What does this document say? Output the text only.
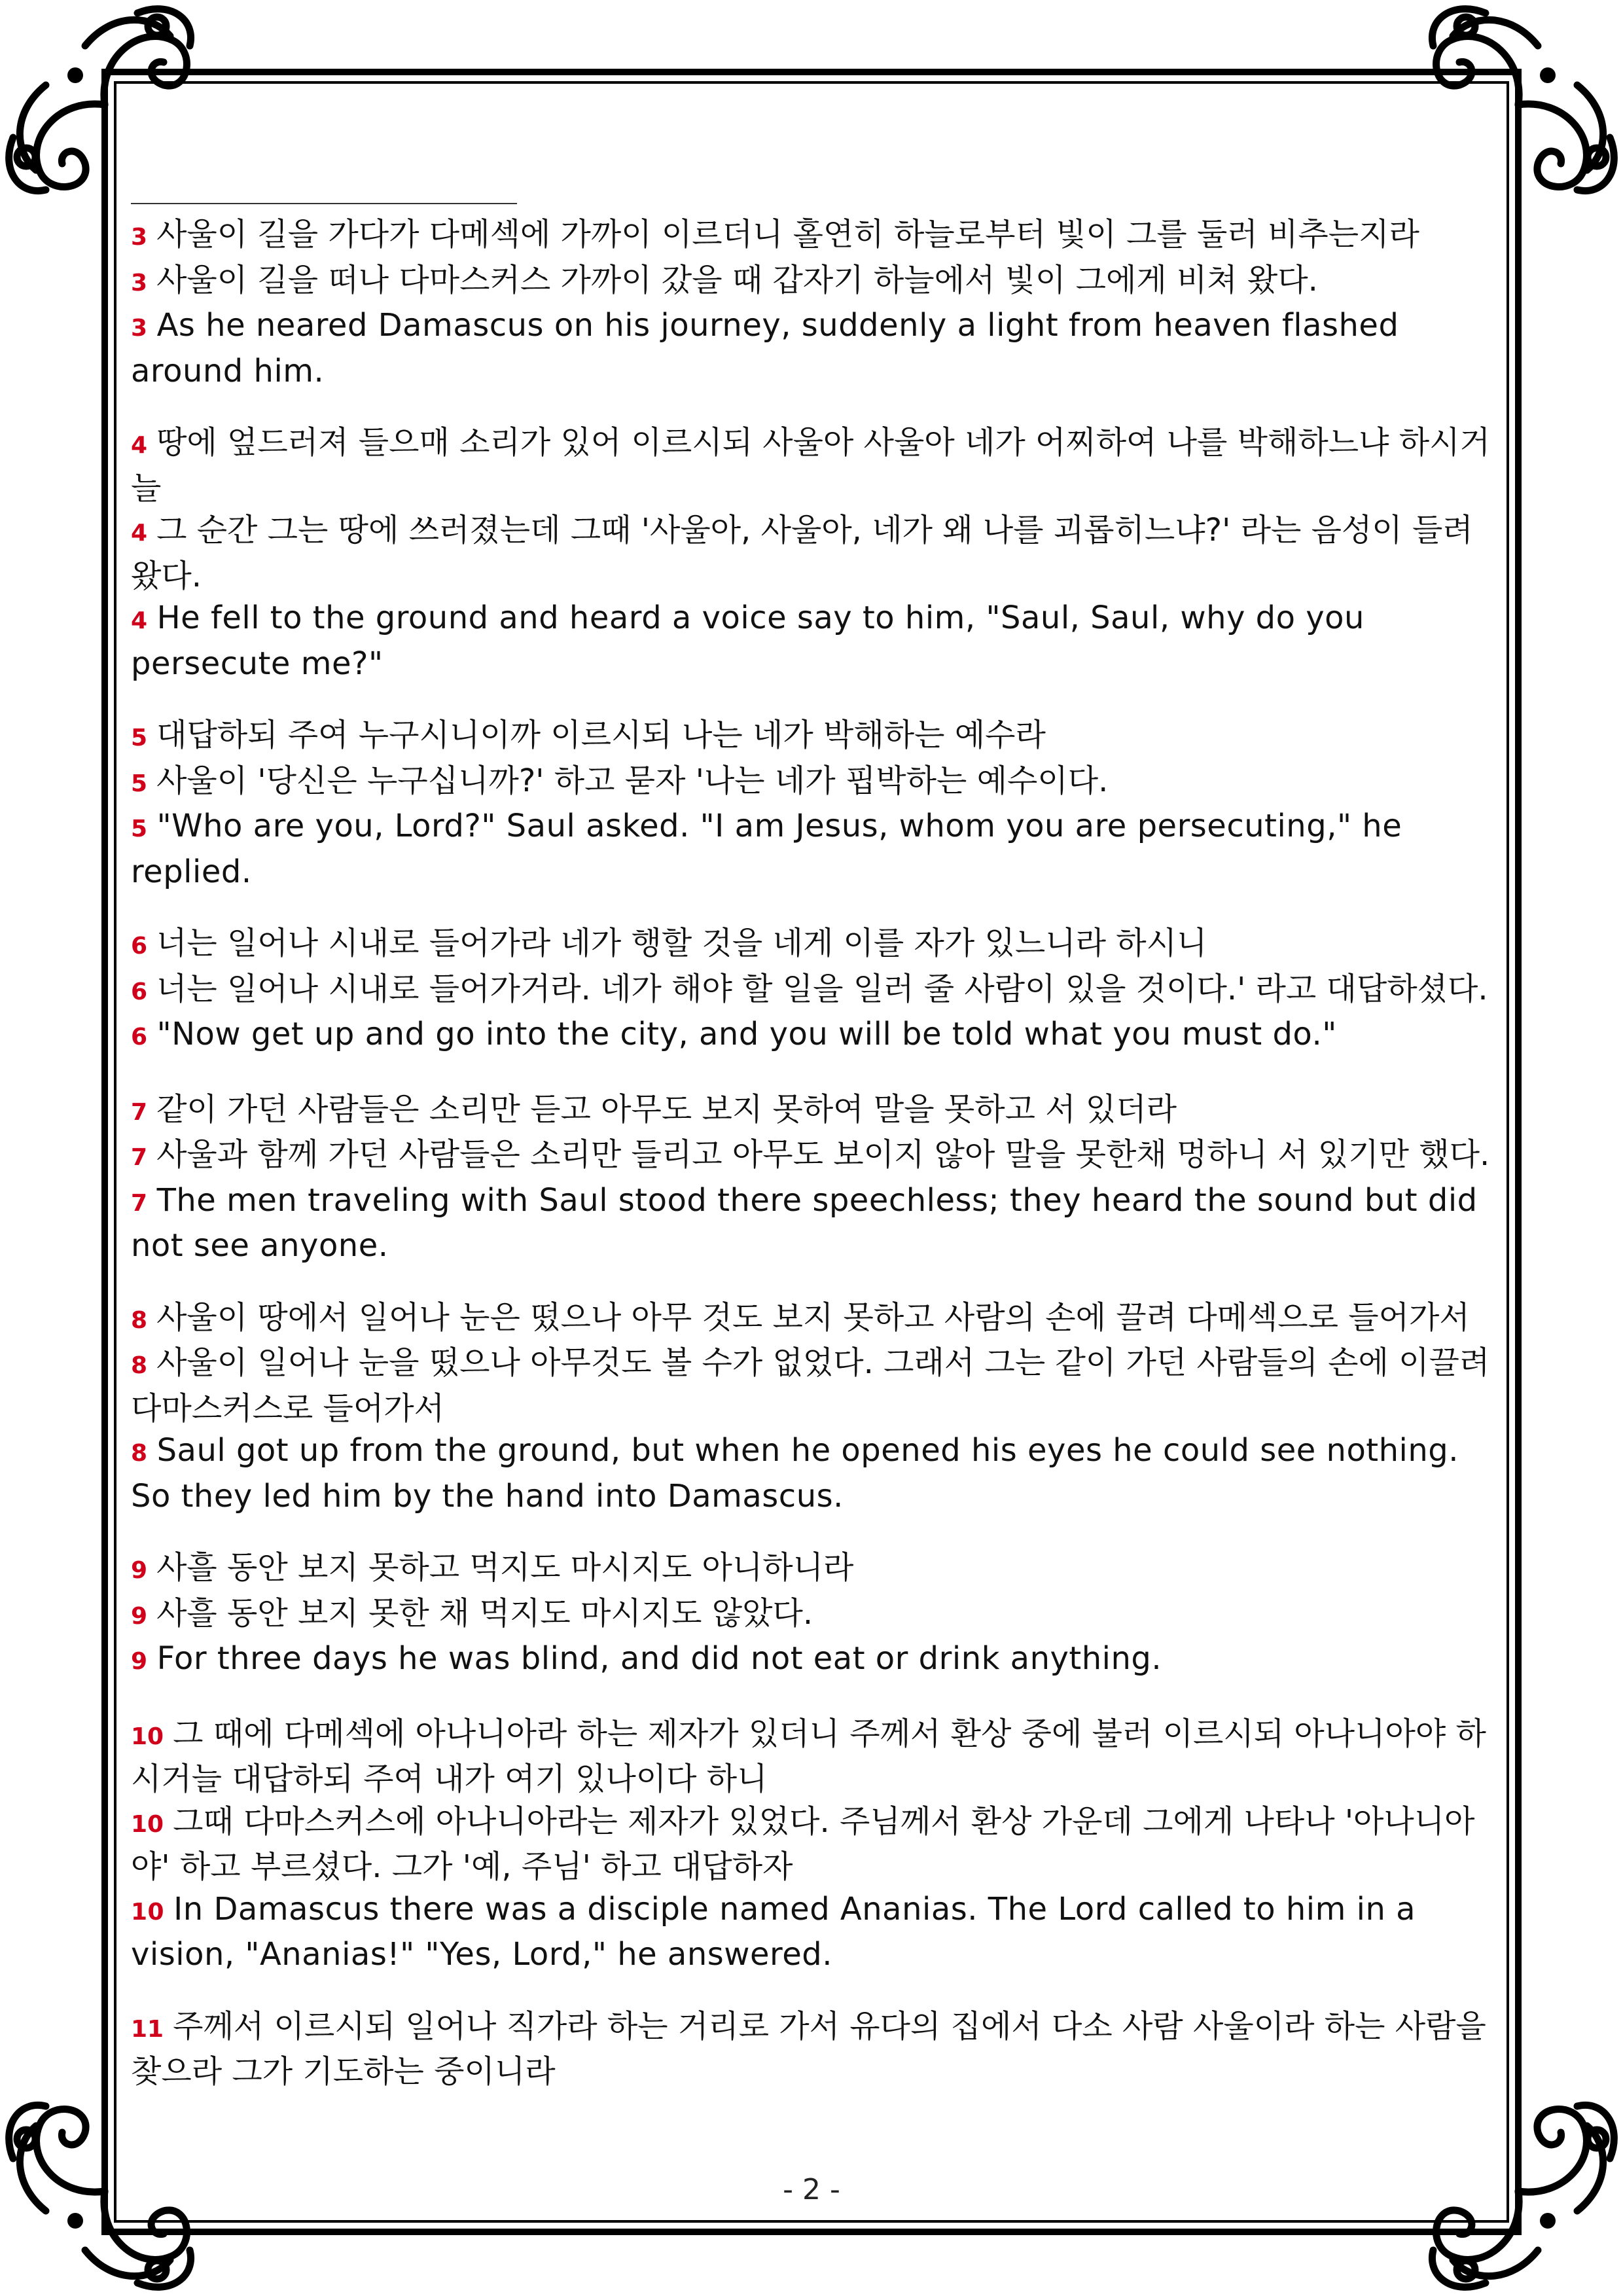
3 사울이 길을 가다가 다메섹에 가까이 이르더니 홀연히 하늘로부터 빛이 그를 둘러 비추는지라

3 사울이 길을 떠나 다마스커스 가까이 갔을 때 갑자기 하늘에서 빛이 그에게 비쳐 왔다.

3 As he neared Damascus on his journey, suddenly a light from heaven flashed around him.

4 땅에 엎드러져 들으매 소리가 있어 이르시되 사울아 사울아 네가 어찌하여 나를 박해하느냐 하시거늘

4 그 순간 그는 땅에 쓰러졌는데 그때 '사울아, 사울아, 네가 왜 나를 괴롭히느냐?' 라는 음성이 들려왔다.

4 He fell to the ground and heard a voice say to him, "Saul, Saul, why do you persecute me?"

5 대답하되 주여 누구시니이까 이르시되 나는 네가 박해하는 예수라

5 사울이 '당신은 누구십니까?' 하고 묻자 '나는 네가 핍박하는 예수이다.

5 "Who are you, Lord?" Saul asked. "I am Jesus, whom you are persecuting," he replied.

6 너는 일어나 시내로 들어가라 네가 행할 것을 네게 이를 자가 있느니라 하시니

6 너는 일어나 시내로 들어가거라. 네가 해야 할 일을 일러 줄 사람이 있을 것이다.' 라고 대답하셨다.

6 "Now get up and go into the city, and you will be told what you must do."

7 같이 가던 사람들은 소리만 듣고 아무도 보지 못하여 말을 못하고 서 있더라

7 사울과 함께 가던 사람들은 소리만 들리고 아무도 보이지 않아 말을 못한채 멍하니 서 있기만 했다.

7 The men traveling with Saul stood there speechless; they heard the sound but did not see anyone.

8 사울이 땅에서 일어나 눈은 떴으나 아무 것도 보지 못하고 사람의 손에 끌려 다메섹으로 들어가서

8 사울이 일어나 눈을 떴으나 아무것도 볼 수가 없었다. 그래서 그는 같이 가던 사람들의 손에 이끌려 다마스커스로 들어가서

8 Saul got up from the ground, but when he opened his eyes he could see nothing. So they led him by the hand into Damascus.

9 사흘 동안 보지 못하고 먹지도 마시지도 아니하니라

9 사흘 동안 보지 못한 채 먹지도 마시지도 않았다.

9 For three days he was blind, and did not eat or drink anything.

10 그 때에 다메섹에 아나니아라 하는 제자가 있더니 주께서 환상 중에 불러 이르시되 아나니아야 하시거늘 대답하되 주여 내가 여기 있나이다 하니

10 그때 다마스커스에 아나니아라는 제자가 있었다. 주님께서 환상 가운데 그에게 나타나 '아나니아야' 하고 부르셨다. 그가 '예, 주님' 하고 대답하자

10 In Damascus there was a disciple named Ananias. The Lord called to him in a vision, "Ananias!" "Yes, Lord," he answered.

11 주께서 이르시되 일어나 직가라 하는 거리로 가서 유다의 집에서 다소 사람 사울이라 하는 사람을 찾으라 그가 기도하는 중이니라

- 2 -
